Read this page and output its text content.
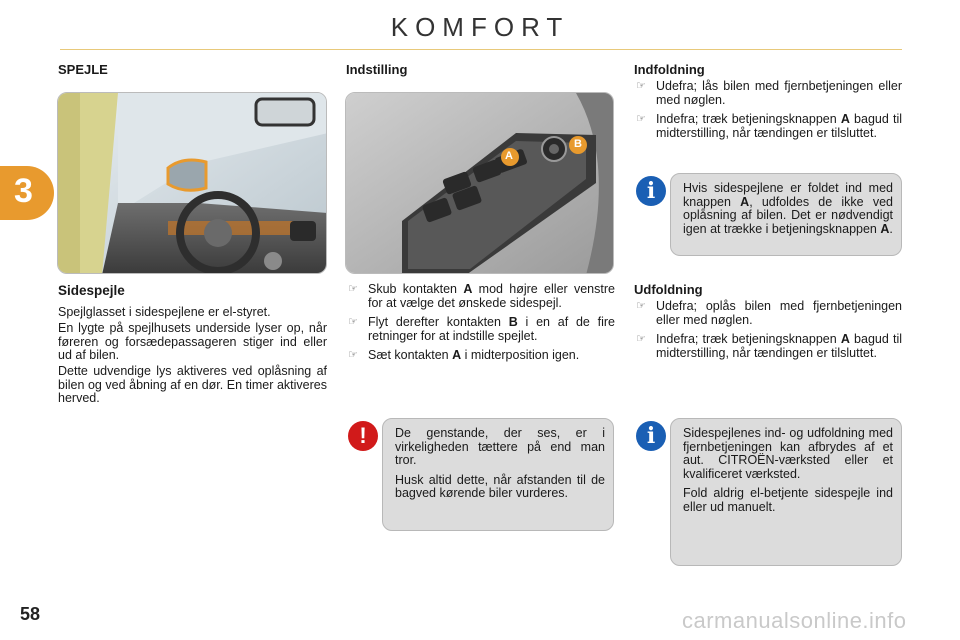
KOMFORT
3
SPEJLE
Sidespejle
Spejlglasset i sidespejlene er el-styret.
En lygte på spejlhusets underside lyser op, når føreren og forsædepassageren stiger ind eller ud af bilen.
Dette udvendige lys aktiveres ved oplåsning af bilen og ved åbning af en dør. En timer aktiveres herved.
Indstilling
A
B
☞ Skub kontakten A mod højre eller venstre for at vælge det ønskede sidespejl.
☞ Flyt derefter kontakten B i en af de fire retninger for at indstille spejlet.
☞ Sæt kontakten A i midterposition igen.
!	De genstande, der ses, er i virkeligheden tættere på end man tror.

Husk altid dette, når afstanden til de bagved kørende biler vurderes.

Indfoldning
☞ Udefra; lås bilen med fjernbetjeningen eller med nøglen.
☞ Indefra; træk betjeningsknappen A bagud til midterstilling, når tændingen er tilsluttet.
i	Hvis sidespejlene er foldet ind med knappen A, udfoldes de ikke ved oplåsning af bilen. Det er nødvendigt igen at trække i betjeningsknappen A.
Udfoldning
☞ Udefra; oplås bilen med fjernbetjeningen eller med nøglen.
☞ Indefra; træk betjeningsknappen A bagud til midterstilling, når tændingen er tilsluttet.
i	Sidespejlenes ind- og udfoldning med fjernbetjeningen kan afbrydes af et aut. CITROËN-værksted eller et kvalificeret værksted.

Fold aldrig el-betjente sidespejle ind eller ud manuelt.

58	carmanualsonline.info
